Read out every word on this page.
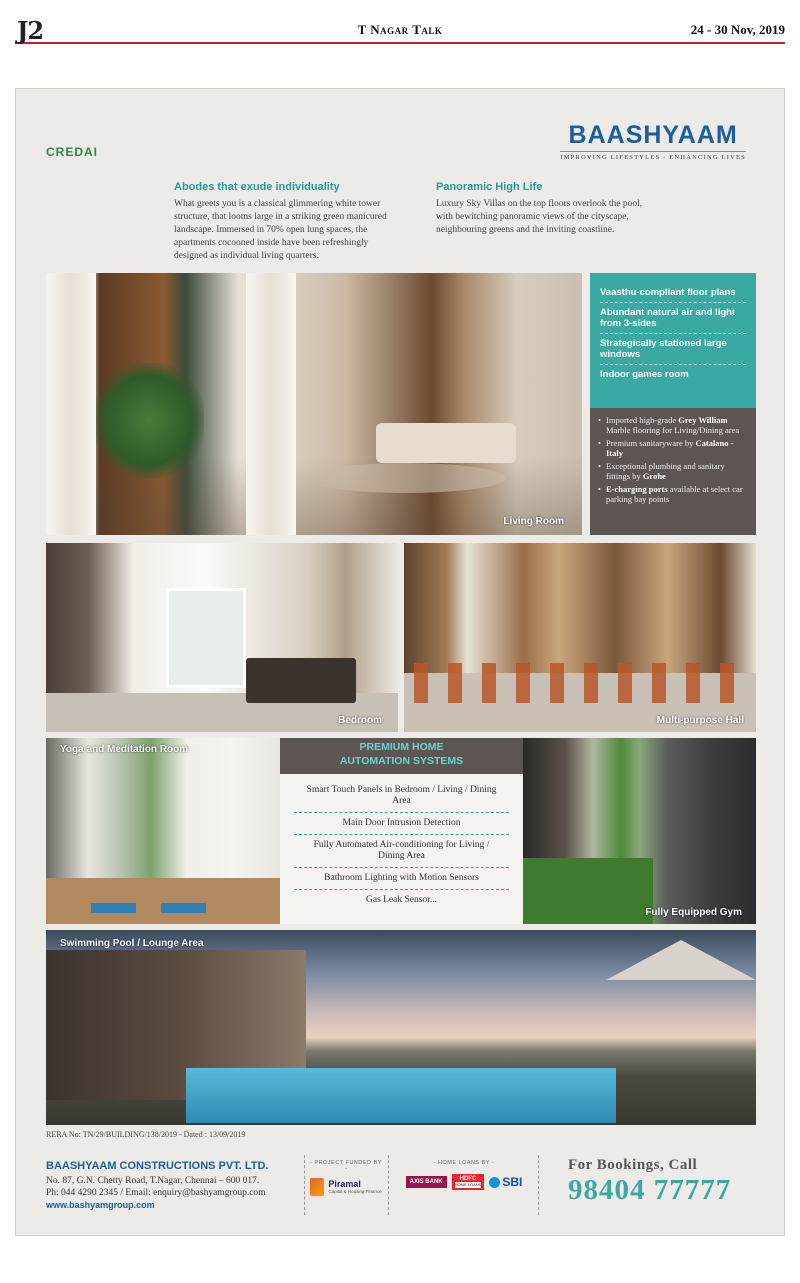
J2	T Nagar Talk	24 - 30 Nov, 2019
CREDAI
BAASHYAAM
IMPROVING LIFESTYLES - ENHANCING LIVES
Abodes that exude individuality

What greets you is a classical glimmering white tower structure, that looms large in a striking green manicured landscape. Immersed in 70% open lung spaces, the apartments cocooned inside have been refreshingly designed as individual living quarters.

Panoramic High Life

Luxury Sky Villas on the top floors overlook the pool, with bewitching panoramic views of the cityscape, neighbouring greens and the inviting coastline.

Living Room
Vaasthu-compliant floor plans
Abundant natural air and light from 3-sides
Strategically stationed large windows
Indoor games room
• Imported high-grade Grey William Marble flooring for Living/Dining area
• Premium sanitaryware by Catalano - Italy
• Exceptional plumbing and sanitary fittings by Grohe
• E-charging ports available at select car parking bay points
Bedroom	Multi-purpose Hall
Yoga and Meditation Room	PREMIUM HOME
AUTOMATION SYSTEMS
Smart Touch Panels in Bedroom / Living / Dining Area
Main Door Intrusion Detection
Fully Automated Air-conditioning for Living / Dining Area
Bathroom Lighting with Motion Sensors
Gas Leak Sensor...
Fully Equipped Gym
Swimming Pool / Lounge Area
RERA No: TN/29/BUILDING/138/2019 - Dated : 13/09/2019
BAASHYAAM CONSTRUCTIONS PVT. LTD.
No. 87, G.N. Chetty Road, T.Nagar, Chennai – 600 017.
Ph: 044 4290 2345 / Email: enquiry@bashyamgroup.com
www.bashyamgroup.com
- PROJECT FUNDED BY -
Piramal
Capital & Housing Finance
- HOME LOANS BY -
AXIS BANK	HDFC
HOME LOANS SBI
For Bookings, Call
98404 77777
